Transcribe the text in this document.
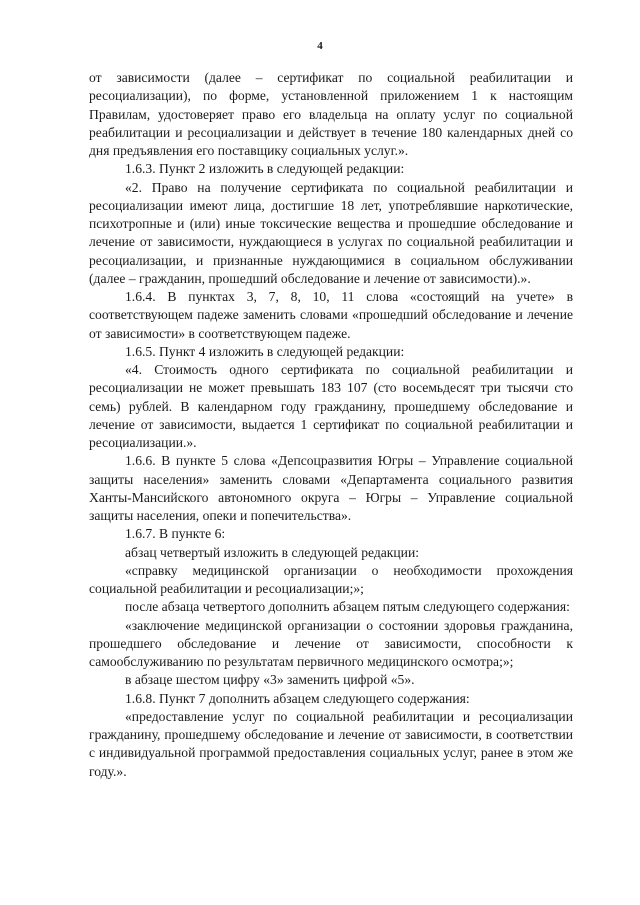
4

от зависимости (далее – сертификат по социальной реабилитации и ресоциализации), по форме, установленной приложением 1 к настоящим Правилам, удостоверяет право его владельца на оплату услуг по социальной реабилитации и ресоциализации и действует в течение 180 календарных дней со дня предъявления его поставщику социальных услуг.».

1.6.3. Пункт 2 изложить в следующей редакции:

«2. Право на получение сертификата по социальной реабилитации и ресоциализации имеют лица, достигшие 18 лет, употреблявшие наркотические, психотропные и (или) иные токсические вещества и прошедшие обследование и лечение от зависимости, нуждающиеся в услугах по социальной реабилитации и ресоциализации, и признанные нуждающимися в социальном обслуживании (далее – гражданин, прошедший обследование и лечение от зависимости).».

1.6.4. В пунктах 3, 7, 8, 10, 11 слова «состоящий на учете» в соответствующем падеже заменить словами «прошедший обследование и лечение от зависимости» в соответствующем падеже.

1.6.5. Пункт 4 изложить в следующей редакции:

«4. Стоимость одного сертификата по социальной реабилитации и ресоциализации не может превышать 183 107 (сто восемьдесят три тысячи сто семь) рублей. В календарном году гражданину, прошедшему обследование и лечение от зависимости, выдается 1 сертификат по социальной реабилитации и ресоциализации.».

1.6.6. В пункте 5 слова «Депсоцразвития Югры – Управление социальной защиты населения» заменить словами «Департамента социального развития Ханты-Мансийского автономного округа – Югры – Управление социальной защиты населения, опеки и попечительства».

1.6.7. В пункте 6:

абзац четвертый изложить в следующей редакции:

«справку медицинской организации о необходимости прохождения социальной реабилитации и ресоциализации;»;

после абзаца четвертого дополнить абзацем пятым следующего содержания:

«заключение медицинской организации о состоянии здоровья гражданина, прошедшего обследование и лечение от зависимости, способности к самообслуживанию по результатам первичного медицинского осмотра;»;

в абзаце шестом цифру «3» заменить цифрой «5».

1.6.8. Пункт 7 дополнить абзацем следующего содержания:

«предоставление услуг по социальной реабилитации и ресоциализации гражданину, прошедшему обследование и лечение от зависимости, в соответствии с индивидуальной программой предоставления социальных услуг, ранее в этом же году.».
